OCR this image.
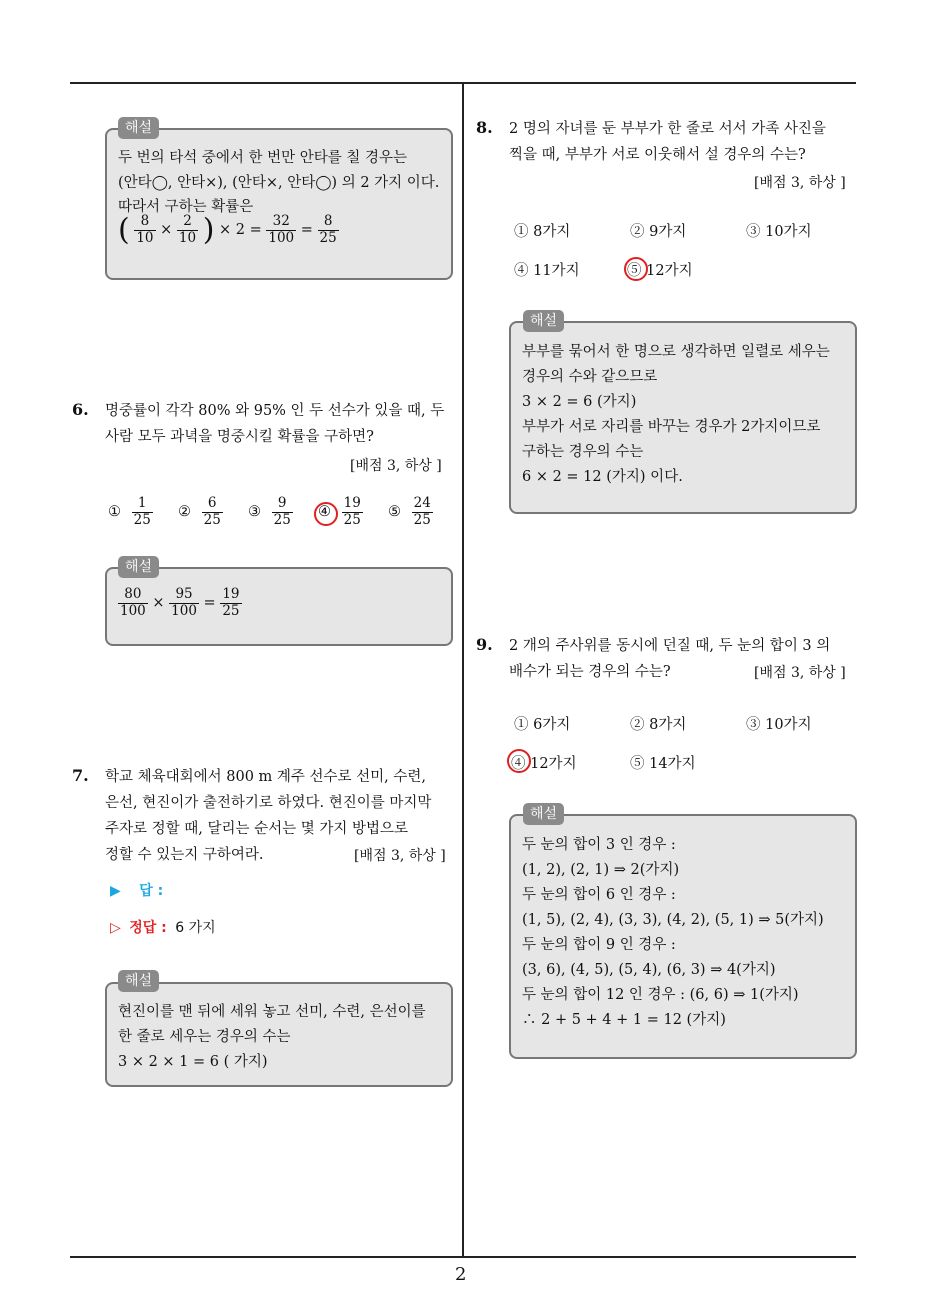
2
해설
두 번의 타석 중에서 한 번만 안타를 칠 경우는
(안타◯, 안타×), (안타×, 안타◯) 의 2 가지 이다.
따라서 구하는 확률은
( $\frac{8}{10} \times \frac{2}{10}$ ) × $2 = \frac{32}{100} = \frac{8}{25}$
6. 명중률이 각각 80% 와 95% 인 두 선수가 있을 때, 두
사람 모두 과녁을 명중시킬 확률을 구하면?
[배점 3, 하상 ]
① $\frac{1}{25}$ ② $\frac{6}{25}$ ③ $\frac{9}{25}$ ④ $\frac{19}{25}$ ⑤ $\frac{24}{25}$
해설
$\frac{80}{100} \times \frac{95}{100} = \frac{19}{25}$
7. 학교 체육대회에서 800 m 계주 선수로 선미, 수련,
은선, 현진이가 출전하기로 하였다. 현진이를 마지막
주자로 정할 때, 달리는 순서는 몇 가지 방법으로
정할 수 있는지 구하여라.	[배점 3, 하상 ]
▶ 답 :
▷ 정답 : 6 가지
해설
현진이를 맨 뒤에 세워 놓고 선미, 수련, 은선이를
한 줄로 세우는 경우의 수는
3 × 2 × 1 = 6 ( 가지)
8. 2 명의 자녀를 둔 부부가 한 줄로 서서 가족 사진을
찍을 때, 부부가 서로 이웃해서 설 경우의 수는?
[배점 3, 하상 ]
① 8가지	② 9가지	③ 10가지
④ 11가지	⑤ 12가지
해설
부부를 묶어서 한 명으로 생각하면 일렬로 세우는
경우의 수와 같으므로
3 × 2 = 6 (가지)
부부가 서로 자리를 바꾸는 경우가 2가지이므로
구하는 경우의 수는
6 × 2 = 12 (가지) 이다.
9. 2 개의 주사위를 동시에 던질 때, 두 눈의 합이 3 의
배수가 되는 경우의 수는?	[배점 3, 하상 ]
① 6가지	② 8가지	③ 10가지
④ 12가지	⑤ 14가지
해설
두 눈의 합이 3 인 경우 :
(1, 2), (2, 1) ⇒ 2(가지)
두 눈의 합이 6 인 경우 :
(1, 5), (2, 4), (3, 3), (4, 2), (5, 1) ⇒ 5(가지)
두 눈의 합이 9 인 경우 :
(3, 6), (4, 5), (5, 4), (6, 3) ⇒ 4(가지)
두 눈의 합이 12 인 경우 : (6, 6) ⇒ 1(가지)
∴ 2 + 5 + 4 + 1 = 12 (가지)
